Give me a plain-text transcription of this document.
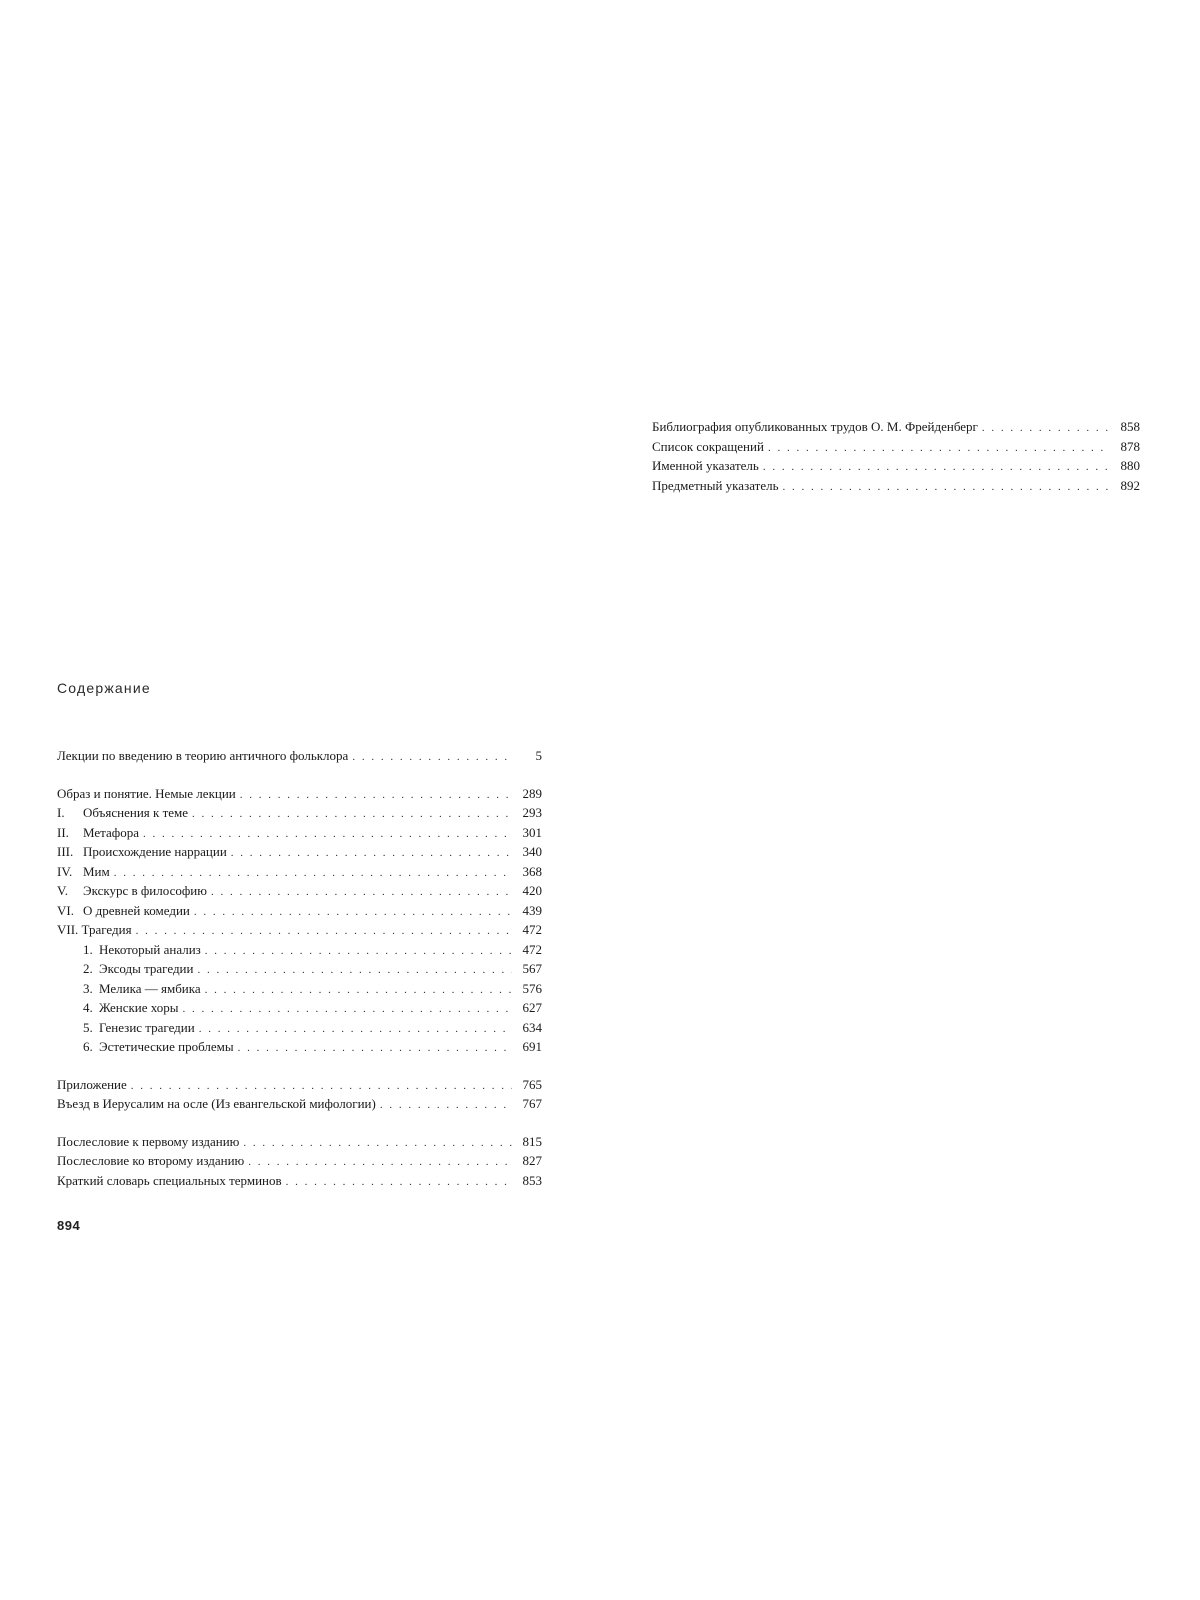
Библиография опубликованных трудов О. М. Фрейденберг . . .	858
Список сокращений . . .	878
Именной указатель . . .	880
Предметный указатель . . .	892
Содержание
Лекции по введению в теорию античного фольклора . . .	5
Образ и понятие. Немые лекции . . .	289
I. Объяснения к теме . . .	293
II. Метафора . . .	301
III. Происхождение наррации . . .	340
IV. Мим . . .	368
V. Экскурс в философию . . .	420
VI. О древней комедии . . .	439
VII. Трагедия . . .	472
1. Некоторый анализ . . .	472
2. Эксоды трагедии . . .	567
3. Мелика — ямбика . . .	576
4. Женские хоры . . .	627
5. Генезис трагедии . . .	634
6. Эстетические проблемы . . .	691
Приложение . . .	765
Въезд в Иерусалим на осле (Из евангельской мифологии) . . .	767
Послесловие к первому изданию . . .	815
Послесловие ко второму изданию . . .	827
Краткий словарь специальных терминов . . .	853
894
